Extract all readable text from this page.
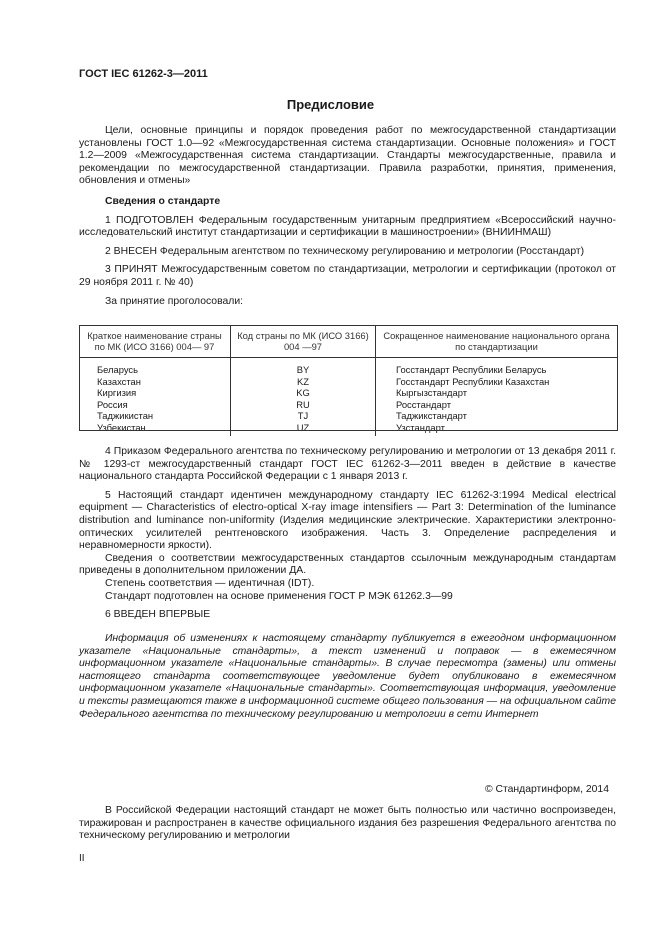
ГОСТ IEC 61262-3—2011
Предисловие

Цели, основные принципы и порядок проведения работ по межгосударственной стандартизации установлены ГОСТ 1.0—92 «Межгосударственная система стандартизации. Основные положения» и ГОСТ 1.2—2009 «Межгосударственная система стандартизации. Стандарты межгосударственные, правила и рекомендации по межгосударственной стандартизации. Правила разработки, принятия, применения, обновления и отмены»

Сведения о стандарте

1 ПОДГОТОВЛЕН Федеральным государственным унитарным предприятием «Всероссийский научно-исследовательский институт стандартизации и сертификации в машиностроении» (ВНИИНМАШ)

2 ВНЕСЕН Федеральным агентством по техническому регулированию и метрологии (Росстандарт)

3 ПРИНЯТ Межгосударственным советом по стандартизации, метрологии и сертификации (протокол от 29 ноября 2011 г. № 40)

За принятие проголосовали:

Краткое наименование страны по МК (ИСО 3166) 004— 97	Код страны по МК (ИСО 3166) 004 —97	Сокращенное наименование национального органа по стандартизации
Беларусь	BY	Госстандарт Республики Беларусь
Казахстан	KZ	Госстандарт Республики Казахстан
Киргизия	KG	Кыргызстандарт
Россия	RU	Росстандарт
Таджикистан	TJ	Таджикстандарт
Узбекистан	UZ	Узстандарт

4 Приказом Федерального агентства по техническому регулированию и метрологии от 13 декабря 2011 г. № 1293-ст межгосударственный стандарт ГОСТ IEC 61262-3—2011 введен в действие в качестве национального стандарта Российской Федерации с 1 января 2013 г.

5 Настоящий стандарт идентичен международному стандарту IEC 61262-3:1994 Medical electrical equipment — Characteristics of electro-optical X-ray image intensifiers — Part 3: Determination of the luminance distribution and luminance non-uniformity (Изделия медицинские электрические. Характеристики электронно-оптических усилителей рентгеновского изображения. Часть 3. Определение распределения и неравномерности яркости).

Сведения о соответствии межгосударственных стандартов ссылочным международным стандартам приведены в дополнительном приложении ДА.

Степень соответствия — идентичная (IDT).

Стандарт подготовлен на основе применения ГОСТ Р МЭК 61262.3—99

6 ВВЕДЕН ВПЕРВЫЕ

Информация об изменениях к настоящему стандарту публикуется в ежегодном информационном указателе «Национальные стандарты», а текст изменений и поправок — в ежемесячном информационном указателе «Национальные стандарты». В случае пересмотра (замены) или отмены настоящего стандарта соответствующее уведомление будет опубликовано в ежемесячном информационном указателе «Национальные стандарты». Соответствующая информация, уведомление и тексты размещаются также в информационной системе общего пользования — на официальном сайте Федерального агентства по техническому регулированию и метрологии в сети Интернет

© Стандартинформ, 2014

В Российской Федерации настоящий стандарт не может быть полностью или частично воспроизведен, тиражирован и распространен в качестве официального издания без разрешения Федерального агентства по техническому регулированию и метрологии

II
